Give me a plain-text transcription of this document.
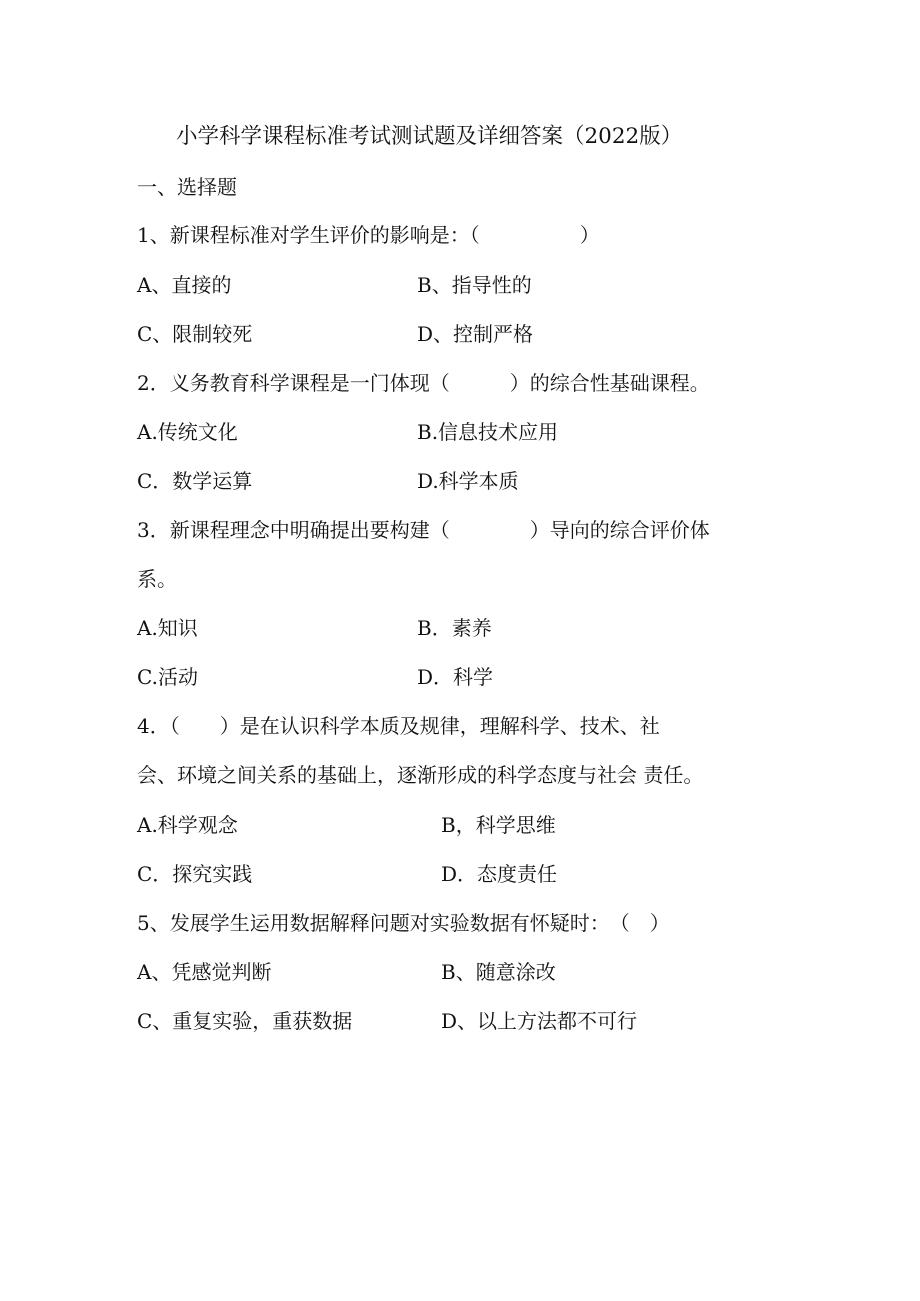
小学科学课程标准考试测试题及详细答案（2022版）
一、选择题
1、新课程标准对学生评价的影响是：（　　　　　）
A、直接的	B、指导性的
C、限制较死	D、控制严格
2．义务教育科学课程是一门体现（　　　）的综合性基础课程。
A.传统文化	B.信息技术应用
C．数学运算	D.科学本质
3．新课程理念中明确提出要构建（　　　　）导向的综合评价体
系。
A.知识	B．素养
C.活动	D．科学
4．（　　）是在认识科学本质及规律，理解科学、技术、社
会、环境之间关系的基础上，逐渐形成的科学态度与社会 责任。
A.科学观念	B，科学思维
C．探究实践	D．态度责任
5、发展学生运用数据解释问题对实验数据有怀疑时：　（　）
A、凭感觉判断	B、随意涂改
C、重复实验，重获数据	D、以上方法都不可行
